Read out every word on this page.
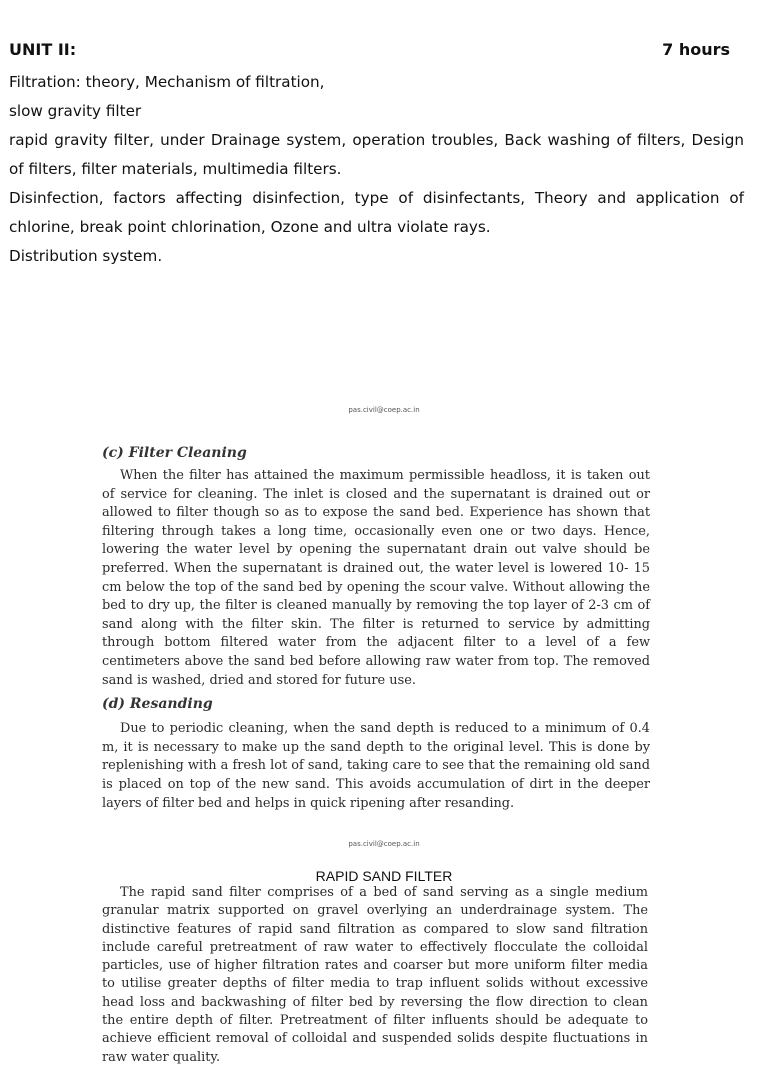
UNIT II:	7 hours

Filtration: theory, Mechanism of filtration,

slow gravity filter

rapid gravity filter, under Drainage system, operation troubles, Back washing of filters, Design of filters, filter materials, multimedia filters.

Disinfection, factors affecting disinfection, type of disinfectants, Theory and application of chlorine, break point chlorination, Ozone and ultra violate rays.

Distribution system.

pas.civil@coep.ac.in
(c) Filter Cleaning

When the filter has attained the maximum permissible headloss, it is taken out of service for cleaning. The inlet is closed and the supernatant is drained out or allowed to filter though so as to expose the sand bed. Experience has shown that filtering through takes a long time, occasionally even one or two days. Hence, lowering the water level by opening the supernatant drain out valve should be preferred. When the supernatant is drained out, the water level is lowered 10- 15 cm below the top of the sand bed by opening the scour valve. Without allowing the bed to dry up, the filter is cleaned manually by removing the top layer of 2-3 cm of sand along with the filter skin. The filter is returned to service by admitting through bottom filtered water from the adjacent filter to a level of a few centimeters above the sand bed before allowing raw water from top. The removed sand is washed, dried and stored for future use.

(d) Resanding

Due to periodic cleaning, when the sand depth is reduced to a minimum of 0.4 m, it is necessary to make up the sand depth to the original level. This is done by replenishing with a fresh lot of sand, taking care to see that the remaining old sand is placed on top of the new sand. This avoids accumulation of dirt in the deeper layers of filter bed and helps in quick ripening after resanding.

pas.civil@coep.ac.in
RAPID SAND FILTER

The rapid sand filter comprises of a bed of sand serving as a single medium granular matrix supported on gravel overlying an underdrainage system. The distinctive features of rapid sand filtration as compared to slow sand filtration include careful pretreatment of raw water to effectively flocculate the colloidal particles, use of higher filtration rates and coarser but more uniform filter media to utilise greater depths of filter media to trap influent solids without excessive head loss and backwashing of filter bed by reversing the flow direction to clean the entire depth of filter. Pretreatment of filter influents should be adequate to achieve efficient removal of colloidal and suspended solids despite fluctuations in raw water quality.
